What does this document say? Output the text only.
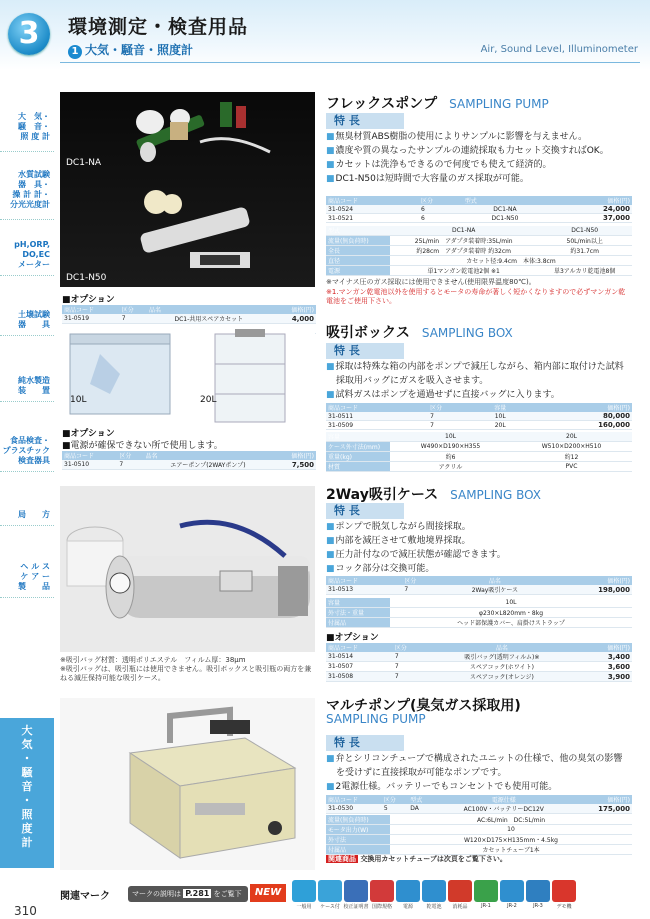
3	環境測定・検査用品
1 大気・騒音・照度計	Air, Sound Level, Illuminometer
大　気・
騒　音・
照 度 計
水質試験
器　具・
操 計 計・
分光光度計
pH,ORP,
DO,EC
メーター
土壌試験
器　　具
純水製造
装　　置
食品検査・
プラスチック
検査器具
局　　方
ヘ ル ス
ケ ア ー
製　　品
大
気
・
騒
音
・
照
度
計
DC1-NA
DC1-N50
フレックスポンプ SAMPLING PUMP
特 長
■ 無臭材質ABS樹脂の使用によりサンプルに影響を与えません。
■ 濃度や質の異なったサンプルの連続採取も力セット交換すればOK。
■ カセットは洗浄もできるので何度でも使えて経済的。
■ DC1-N50は短時間で大容量のガス採取が可能。
商品コード	区分	型式	価格(円)
31-0524	6	DC1-NA	24,000
31-0521	6	DC1-N50	37,000
型式	DC1-NA	DC1-N50
流量(無負荷時)	25L/min　アダプタ装着時:35L/min	50L/min以上
全長	約28cm　アダプタ装着時 約32cm	約31.7cm
直径	カセット径:9.4cm　本体:3.8cm	
電源	単1マンガン乾電池2個 ※1	単3アルカリ乾電池8個
※マイナス圧のガス採取には使用できません(使用限界温度80℃)。
※1.マンガン乾電池以外を使用するとモータの寿命が著しく短かくなりますので必ずマンガン乾電池をご使用下さい。
■オプション
商品コード	区分	品名	価格(円)
31-0519	7	DC1-共用スペアカセット	4,000

10L	20L
吸引ボックス SAMPLING BOX
特 長
■ 採取は特殊な箱の内部をポンプで減圧しながら、箱内部に取付けた試料採取用バッグにガスを吸入させます。
■ 試料ガスはポンプを通過せずに直接バッグに入ります。
商品コード	区分	容量	価格(円)
31-0511	7	10L	80,000
31-0509	7	20L	160,000
容量	10L	20L
ケース外寸法(mm)	W490×D190×H355	W510×D200×H510
重量(kg)	約6	約12
材質	アクリル	PVC
■オプション
■電源が確保できない所で使用します。
商品コード	区分	品名	価格(円)
31-0510	7	エアーポンプ(2WAYポンプ)	7,500
※吸引バッグ材質：透明ポリエステル　フィルム厚：38μm
※吸引バッグは、吸引瓶には使用できません。吸引ボックスと吸引瓶の両方を兼ねる減圧保持可能な吸引ケース。
2Way吸引ケース SAMPLING BOX
特 長
■ ポンプで脱気しながら間接採取。
■ 内部を減圧させて敷地境界採取。
■ 圧力計付なので減圧状態が確認できます。
■ コック部分は交換可能。
商品コード	区分	品名	価格(円)
31-0513	7	2Way吸引ケース	198,000
容量	10L
外寸法・重量	φ230×L820mm・8kg
付属品	ヘッド部保護カバー、肩掛けストラップ
■オプション
商品コード	区分	品名	価格(円)
31-0514	7	吸引バッグ(透明フィルム)※	3,400
31-0507	7	スペアコック(ホワイト)	3,600
31-0508	7	スペアコック(オレンジ)	3,900
マルチポンプ(臭気ガス採取用)
SAMPLING PUMP
特 長
■ 弁とシリコンチューブで構成されたユニットの仕様で、他の臭気の影響を受けずに直接採取が可能なポンプです。
■ 2電源仕様。バッテリーでもコンセントでも使用可能。
商品コード	区分	型式	電源仕様	価格(円)
31-0530	5	DA	AC100V・バッテリーDC12V	175,000
流量(無負荷時)	AC:6L/min　DC:5L/min
モータ出力(W)	10
外寸法	W120×D175×H135mm・4.5kg
付属品	カセットチューブ1本
関連商品 交換用カセットチューブは次頁をご覧下さい。
310
関連マーク	マークの説明は P.281 をご覧下さい
NEW
一般用	ケース付 校正証明書 国際規格	電源	乾電池	消耗品	JR-1	JR-2	JR-3	デモ機
